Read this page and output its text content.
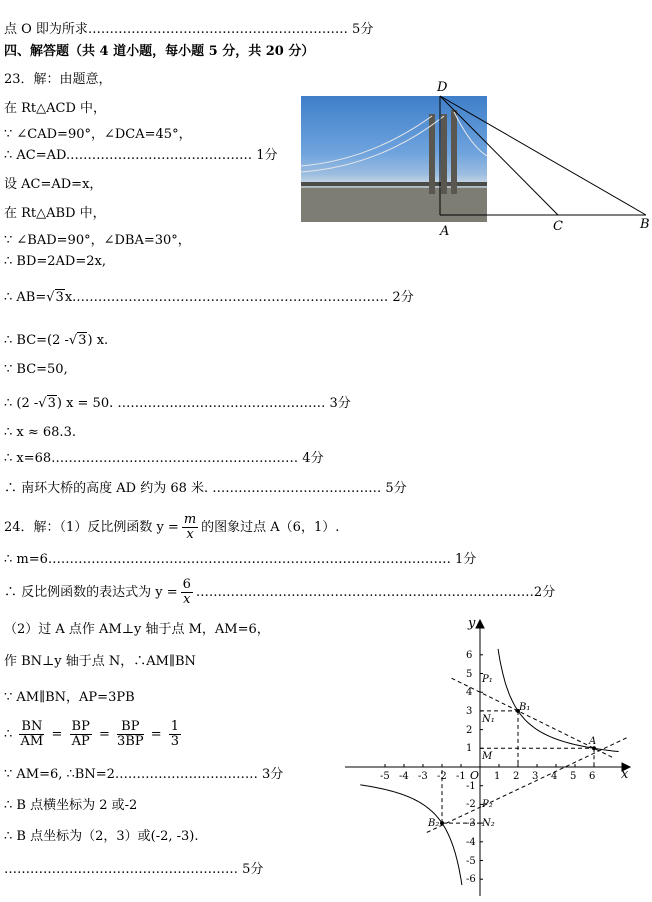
点 O 即为所求…………………………………………………… 5分
四、解答题（共 4 道小题，每小题 5 分，共 20 分）
23．解：由题意，
在 Rt△ACD 中，
∵ ∠CAD=90°，∠DCA=45°，
∴ AC=AD.…………………………………… 1分
设 AC=AD=x，
在 Rt△ABD 中，
∵ ∠BAD=90°，∠DBA=30°，
∴ BD=2AD=2x,
∴ AB=√3x.……………………………………………………………… 2分
∴ BC=(2 -√3) x.
∵ BC=50,
∴ (2 -√3) x = 50. ………………………………………… 3分
∴ x ≈ 68.3.
∴ x=68………………………………………………… 4分
∴ 南环大桥的高度 AD 约为 68 米. ………………………………… 5分
24．解：（1）反比例函数 $y = \frac{m}{x}$ 的图象过点 A（6，1）.
∴ m=6………………………………………………………………………………… 1分
∴ 反比例函数的表达式为 $y = \frac{6}{x}$ ……………………………………………………………………2分
（2）过 A 点作 AM⊥y 轴于点 M，AM=6，
作 BN⊥y 轴于点 N，∴AM∥BN
∵ AM∥BN，AP=3PB
∴ $\frac{BN}{AM} = \frac{BP}{AP} = \frac{BP}{3BP} = \frac{1}{3}$
∵ AM=6, ∴BN=2…………………………… 3分
∴ B 点横坐标为 2 或-2
∴ B 点坐标为（2，3）或(-2, -3).
……………………………………………… 5分
D
A	C	B
y
x
O
-5 -4 -3 -2 -1	1 2 3 4 5 6
6
5
4
3
2
1
-1
-2
-3
-4
-5
-6
A
M
B₁
N₁
P₁
B₂	N₂
P₂
